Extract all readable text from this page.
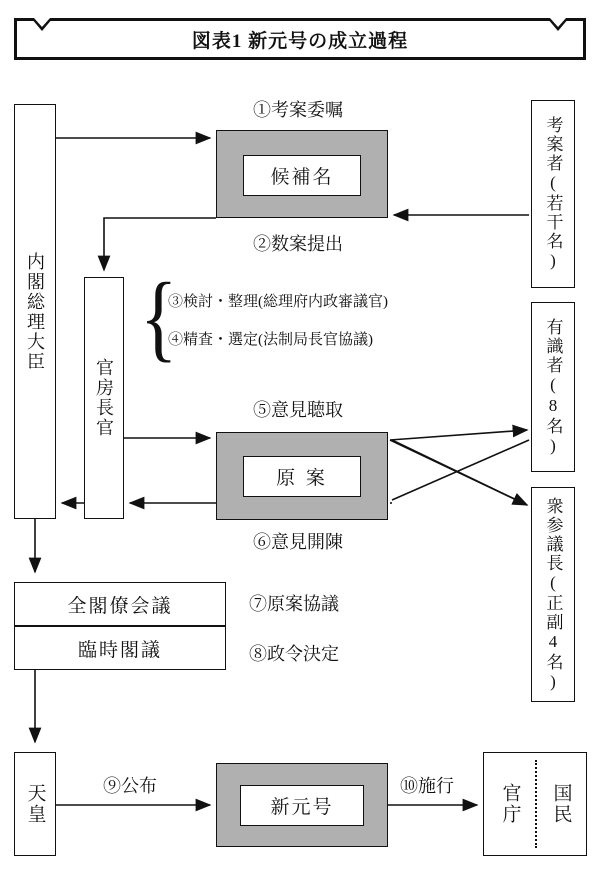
図表1 新元号の成立過程
内閣総理大臣
官房長官
候補名
原 案
新元号
考案者(若干名)
有識者(8名)
衆参議長(正副4名)
全閣僚会議
臨時閣議
天皇	官庁 国民
①考案委嘱
②数案提出
③検討・整理(総理府内政審議官)
④精査・選定(法制局長官協議)
⑤意見聴取
⑥意見開陳
⑦原案協議
⑧政令決定
⑨公布	⑩施行
{
